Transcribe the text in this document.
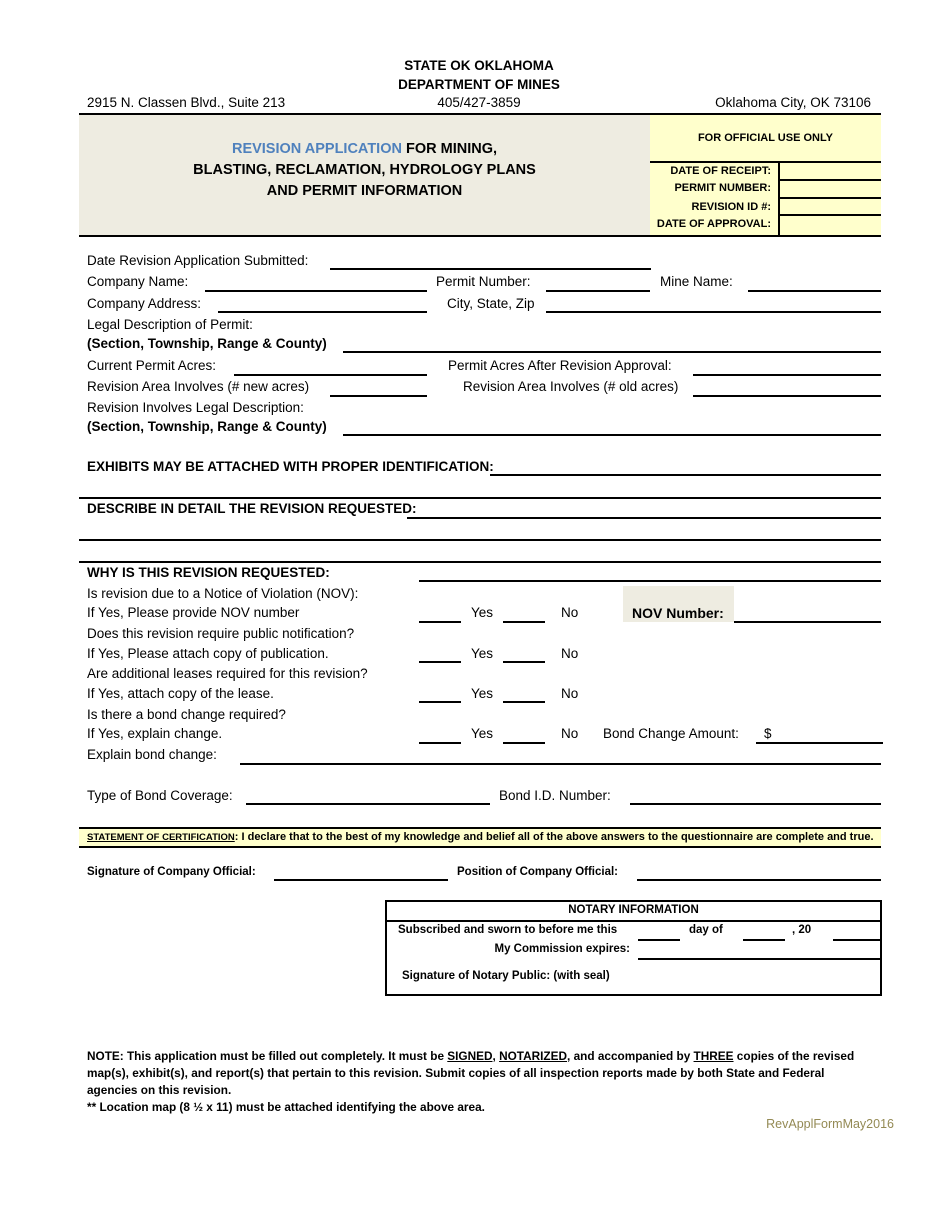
STATE OK OKLAHOMA
DEPARTMENT OF MINES
2915 N. Classen Blvd., Suite 213	405/427-3859	Oklahoma City, OK 73106
REVISION APPLICATION FOR MINING,
BLASTING, RECLAMATION, HYDROLOGY PLANS
AND PERMIT INFORMATION
FOR OFFICIAL USE ONLY
DATE OF RECEIPT:
PERMIT NUMBER:
REVISION ID #:
DATE OF APPROVAL:
Date Revision Application Submitted:
Company Name:	Permit Number:	Mine Name:
Company Address:	City, State, Zip
Legal Description of Permit:
(Section, Township, Range & County)
Current Permit Acres:	Permit Acres After Revision Approval:
Revision Area Involves (# new acres)	Revision Area Involves (# old acres)
Revision Involves Legal Description:
(Section, Township, Range & County)
EXHIBITS MAY BE ATTACHED WITH PROPER IDENTIFICATION:
DESCRIBE IN DETAIL THE REVISION REQUESTED:
WHY IS THIS REVISION REQUESTED:
Is revision due to a Notice of Violation (NOV):
If Yes, Please provide NOV number	Yes	No	NOV Number:
Does this revision require public notification?
If Yes, Please attach copy of publication.	Yes	No
Are additional leases required for this revision?
If Yes, attach copy of the lease.	Yes	No
Is there a bond change required?
If Yes, explain change.	Yes	No Bond Change Amount: $
Explain bond change:
Type of Bond Coverage:	Bond I.D. Number:
STATEMENT OF CERTIFICATION: I declare that to the best of my knowledge and belief all of the above answers to the questionnaire are complete and true.
Signature of Company Official:	Position of Company Official:
NOTARY INFORMATION
Subscribed and sworn to before me this	day of	, 20
My Commission expires:
Signature of Notary Public: (with seal)
NOTE: This application must be filled out completely. It must be SIGNED, NOTARIZED, and accompanied by THREE copies of the revised map(s), exhibit(s), and report(s) that pertain to this revision. Submit copies of all inspection reports made by both State and Federal agencies on this revision.
** Location map (8 ½ x 11) must be attached identifying the above area.
RevApplFormMay2016
